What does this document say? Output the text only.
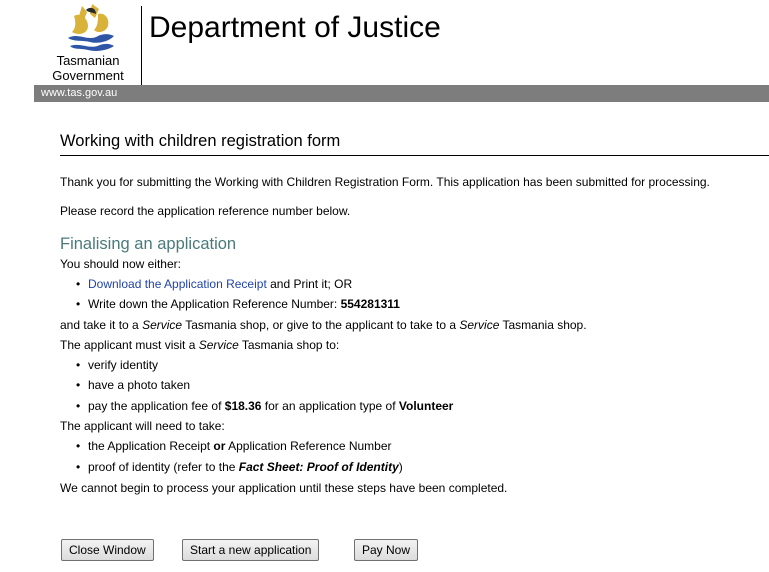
Tasmanian
Government
Department of Justice
www.tas.gov.au
Working with children registration form
Thank you for submitting the Working with Children Registration Form. This application has been submitted for processing.
Please record the application reference number below.
Finalising an application
You should now either:
• Download the Application Receipt and Print it; OR
• Write down the Application Reference Number: 554281311
and take it to a Service Tasmania shop, or give to the applicant to take to a Service Tasmania shop.
The applicant must visit a Service Tasmania shop to:
• verify identity
• have a photo taken
• pay the application fee of $18.36 for an application type of Volunteer
The applicant will need to take:
• the Application Receipt or Application Reference Number
• proof of identity (refer to the Fact Sheet: Proof of Identity)
We cannot begin to process your application until these steps have been completed.
Close Window	Start a new application	Pay Now
